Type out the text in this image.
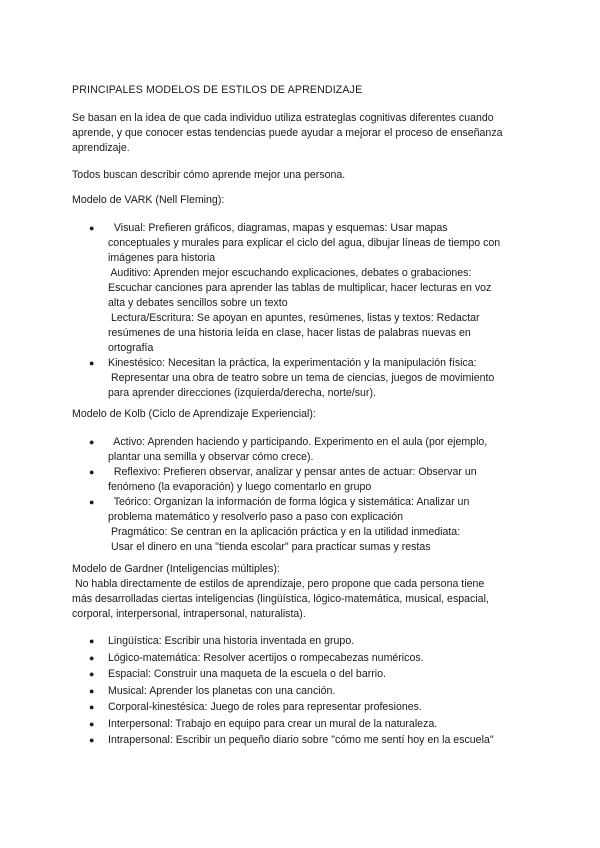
PRINCIPALES MODELOS DE ESTILOS DE APRENDIZAJE

Se basan en la idea de que cada individuo utiliza estrateglas cognitivas diferentes cuando

aprende, y que conocer estas tendencias puede ayudar a mejorar el proceso de enseñanza

aprendizaje.

Todos buscan describir cómo aprende mejor una persona.

Modelo de VARK (Nell Fleming):

● Visual: Prefieren gráficos, diagramas, mapas y esquemas: Usar mapas

conceptuales y murales para explicar el ciclo del agua, dibujar líneas de tiempo con

imágenes para historia

Auditivo: Aprenden mejor escuchando explicaciones, debates o grabaciones:

Escuchar canciones para aprender las tablas de multiplicar, hacer lecturas en voz

alta y debates sencillos sobre un texto

Lectura/Escritura: Se apoyan en apuntes, resúmenes, listas y textos: Redactar

resúmenes de una historia leída en clase, hacer listas de palabras nuevas en

ortografía

● Kinestésico: Necesitan la práctica, la experimentación y la manipulación física:

Representar una obra de teatro sobre un tema de ciencias, juegos de movimiento

para aprender direcciones (izquierda/derecha, norte/sur).

Modelo de Kolb (Ciclo de Aprendizaje Experiencial):

● Activo: Aprenden haciendo y participando. Experimento en el aula (por ejemplo,

plantar una semilla y observar cómo crece).

● Reflexivo: Prefieren observar, analizar y pensar antes de actuar: Observar un

fenómeno (la evaporación) y luego comentarlo en grupo

● Teórico: Organizan la información de forma lógica y sistemática: Analizar un

problema matemático y resolverlo paso a paso con explicación

Pragmático: Se centran en la aplicación práctica y en la utilidad inmediata:

Usar el dinero en una "tienda escolar" para practicar sumas y restas

Modelo de Gardner (Inteligencias múltiples):

No habla directamente de estilos de aprendizaje, pero propone que cada persona tiene

más desarrolladas ciertas inteligencias (lingüística, lógico-matemática, musical, espacial,

corporal, interpersonal, intrapersonal, naturalista).

● Lingüística: Escribir una historia inventada en grupo.

● Lógico-matemática: Resolver acertijos o rompecabezas numéricos.

● Espacial: Construir una maqueta de la escuela o del barrio.

● Musical: Aprender los planetas con una canción.

● Corporal-kinestésica: Juego de roles para representar profesiones.

● Interpersonal: Trabajo en equipo para crear un mural de la naturaleza.

● Intrapersonal: Escribir un pequeño diario sobre "cómo me sentí hoy en la escuela"
